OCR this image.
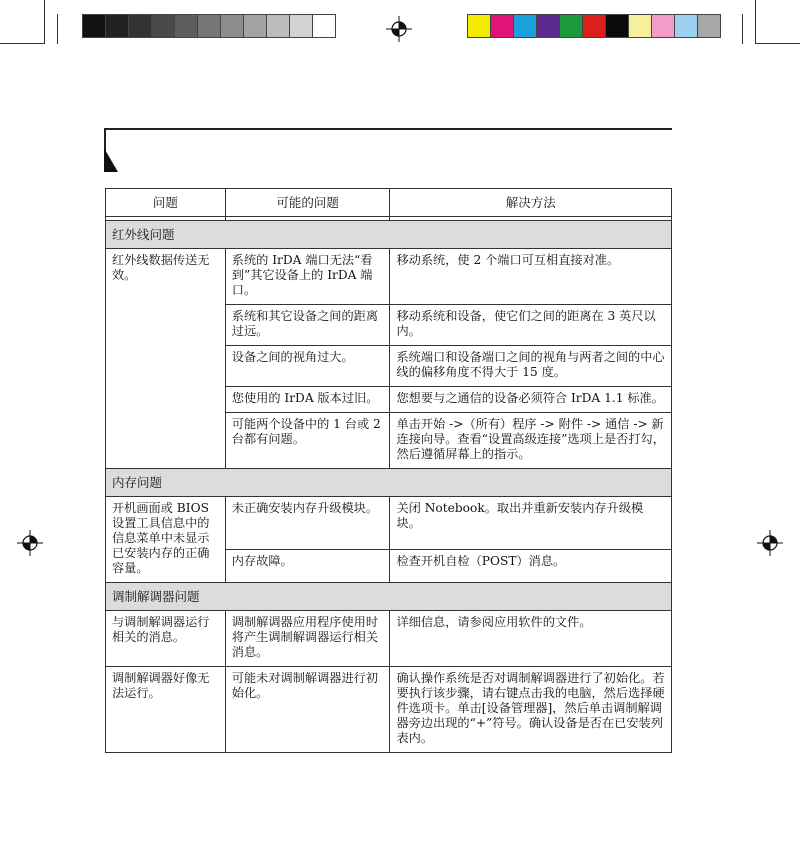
问题	可能的问题	解决方法

红外线问题		
红外线数据传送无效。	系统的 IrDA 端口无法“看到”其它设备上的 IrDA 端口。	移动系统，使 2 个端口可互相直接对准。
	系统和其它设备之间的距离过远。	移动系统和设备，使它们之间的距离在 3 英尺以内。
	设备之间的视角过大。	系统端口和设备端口之间的视角与两者之间的中心线的偏移角度不得大于 15 度。
	您使用的 IrDA 版本过旧。	您想要与之通信的设备必须符合 IrDA 1.1 标准。
	可能两个设备中的 1 台或 2 台都有问题。	单击开始 ->（所有）程序 -> 附件 -> 通信 -> 新连接向导。查看“设置高级连接”选项上是否打勾，然后遵循屏幕上的指示。
内存问题		
开机画面或 BIOS 设置工具信息中的信息菜单中未显示已安装内存的正确容量。	未正确安装内存升级模块。	关闭 Notebook。取出并重新安装内存升级模块。
	内存故障。	检查开机自检（POST）消息。
调制解调器问题		
与调制解调器运行相关的消息。	调制解调器应用程序使用时将产生调制解调器运行相关消息。	详细信息，请参阅应用软件的文件。
调制解调器好像无法运行。	可能未对调制解调器进行初始化。	确认操作系统是否对调制解调器进行了初始化。若要执行该步骤，请右键点击我的电脑，然后选择硬件选项卡。单击[设备管理器]，然后单击调制解调器旁边出现的“+”符号。确认设备是否在已安装列表内。
